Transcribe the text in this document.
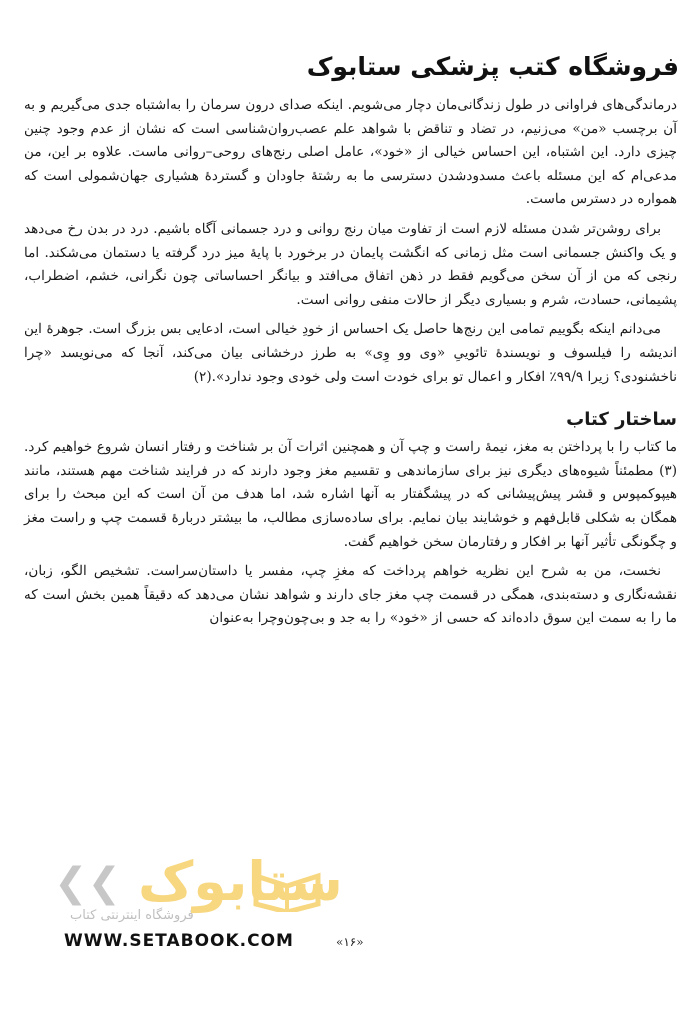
فروشگاه کتب پزشکی ستابوک

درماندگی‌های فراوانی در طول زندگانی‌مان دچار می‌شویم. اینکه صدای درون سرمان را به‌اشتباه جدی می‌گیریم و به آن برچسب «من» می‌زنیم، در تضاد و تناقض با شواهد علم عصب‌روان‌شناسی است که نشان از عدم وجود چنین چیزی دارد. این اشتباه، این احساس خیالی از «خود»، عامل اصلی رنج‌های روحی–روانی ماست. علاوه بر این، من مدعی‌ام که این مسئله باعث مسدودشدن دسترسی ما به رشتهٔ جاودان و گستردهٔ هشیاری جهان‌شمولی است که همواره در دسترس ماست.

برای روشن‌تر شدن مسئله لازم است از تفاوت میان رنج روانی و درد جسمانی آگاه باشیم. درد در بدن رخ می‌دهد و یک واکنش جسمانی است مثل زمانی که انگشت پایمان در برخورد با پایهٔ میز درد گرفته یا دستمان می‌شکند. اما رنجی که من از آن سخن می‌گویم فقط در ذهن اتفاق می‌افتد و بیانگر احساساتی چون نگرانی، خشم، اضطراب، پشیمانی، حسادت، شرم و بسیاری دیگر از حالات منفی روانی است.

می‌دانم اینکه بگوییم تمامی این رنج‌ها حاصل یک احساس از خودِ خیالی است، ادعایی بس بزرگ است. جوهرهٔ این اندیشه را فیلسوف و نویسندهٔ تائوییِ «وی وو وِی» به طرز درخشانی بیان می‌کند، آنجا که می‌نویسد «چرا ناخشنودی؟ زیرا ۹۹/۹٪ افکار و اعمال تو برای خودت است ولی خودی وجود ندارد».(۲)

ساختار کتاب

ما کتاب را با پرداختن به مغز، نیمهٔ راست و چپ آن و همچنین اثرات آن بر شناخت و رفتار انسان شروع خواهیم کرد.(۳) مطمئناً شیوه‌های دیگری نیز برای سازماندهی و تقسیم مغز وجود دارند که در فرایند شناخت مهم هستند، مانند هیپوکمپوس و قشر پیش‌پیشانی که در پیشگفتار به آنها اشاره شد، اما هدف من آن است که این مبحث را برای همگان به شکلی قابل‌فهم و خوشایند بیان نمایم. برای ساده‌سازی مطالب، ما بیشتر دربارهٔ قسمت چپ و راست مغز و چگونگی تأثیر آنها بر افکار و رفتارمان سخن خواهیم گفت.

نخست، من به شرح این نظریه خواهم پرداخت که مغزِ چپ، مفسر یا داستان‌سراست. تشخیص الگو، زبان، نقشه‌نگاری و دسته‌بندی، همگی در قسمت چپ مغز جای دارند و شواهد نشان می‌دهد که دقیقاً همین بخش است که ما را به سمت این سوق داده‌اند که حسی از «خود» را به جد و بی‌چون‌وچرا به‌عنوان

❮❮ ستابوک
فروشگاه اینترنتی کتاب
WWW.SETABOOK.COM	«۱۶»
